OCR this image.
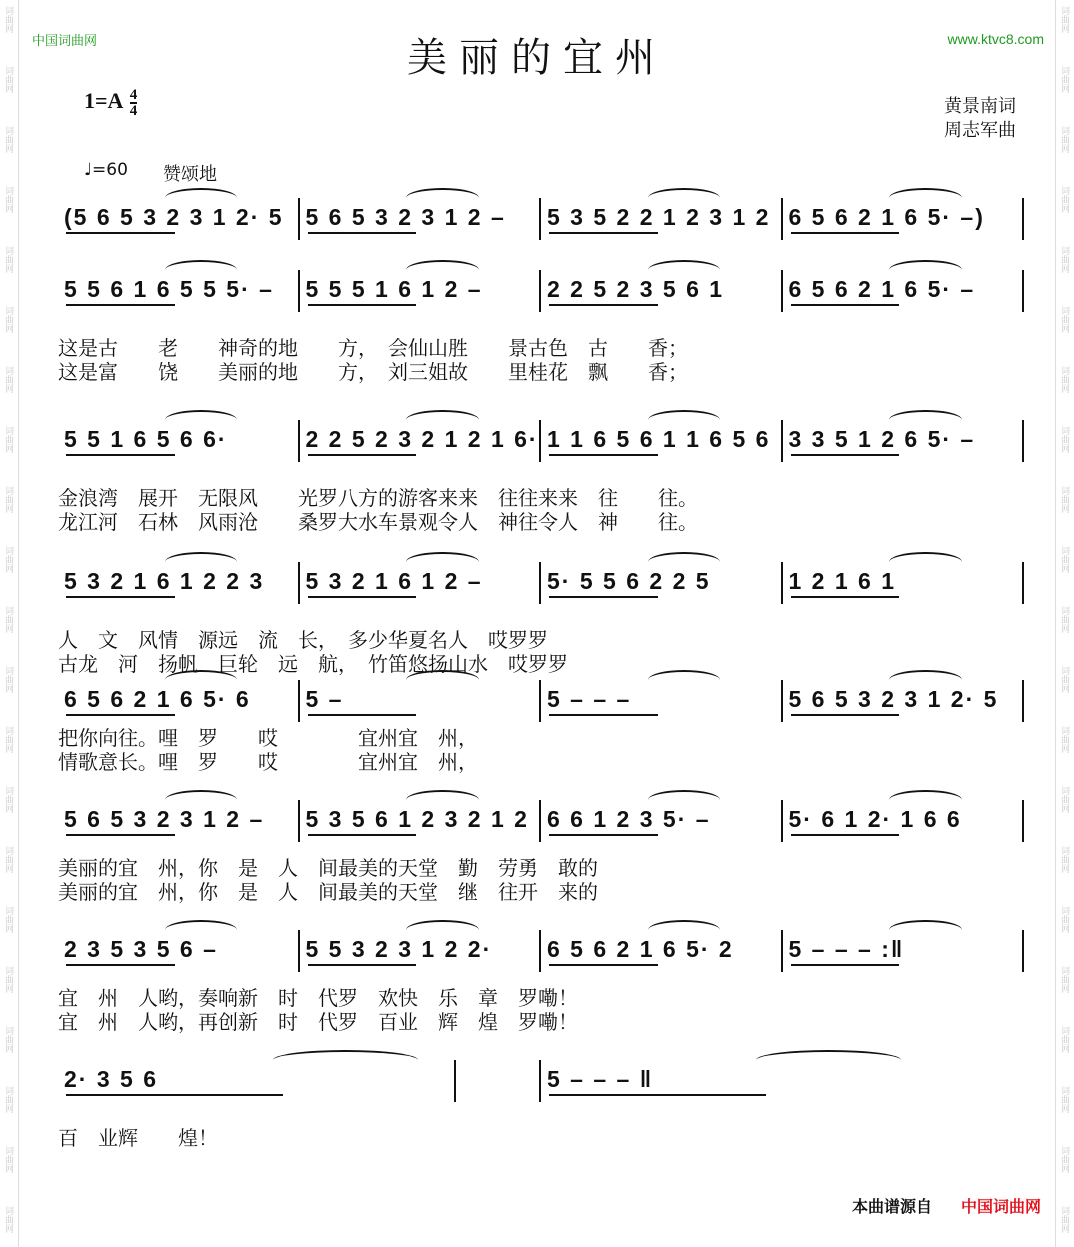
词曲网
词曲网
词曲网
词曲网
词曲网
词曲网
词曲网
词曲网
词曲网
词曲网
词曲网
词曲网
词曲网
词曲网
词曲网
词曲网
词曲网
词曲网
词曲网
词曲网
词曲网
词曲网
词曲网
词曲网
词曲网
词曲网
词曲网
词曲网
词曲网
词曲网
词曲网
词曲网
词曲网
词曲网
词曲网
词曲网
词曲网
词曲网
词曲网
词曲网
词曲网
词曲网
中国词曲网	www.ktvc8.com
美丽的宜州
$1=A \frac{4}{4}$	黄景南词
周志军曲
♩=60 赞颂地
(5 6 5 3 2 3 1 2· 5 5 6 5 3 2 3 1 2 – 5 3 5 2 2 1 2 3 1 2 6 5 6 2 1 6 5· –)
5 5 6 1 6 5 5 5· – 5 5 5 1 6 1 2 –	2 2 5 2 3 5 6 1	6 5 6 2 1 6 5· –
这是古　　老　　神奇的地　　方，　会仙山胜　　景古色　古　　香；
这是富　　饶　　美丽的地　　方，　刘三姐故　　里桂花　飘　　香；
5 5 1 6 5 6 6·	2 2 5 2 3 2 1 2 1 6· 1 1 6 5 6 1 1 6 5 6 3 3 5 1 2 6 5· –
金浪湾　展开　无限风　　光罗八方的游客来来　往往来来　往　　往。
龙江河　石林　风雨沧　　桑罗大水车景观令人　神往令人　神　　往。
5 3 2 1 6 1 2 2 3 5 3 2 1 6 1 2 –	5· 5 5 6 2 2 5	1 2 1 6 1
人　文　风情　源远　流　长，　多少华夏名人　哎罗罗
古龙　河　扬帆　巨轮　远　航，　竹笛悠扬山水　哎罗罗
6 5 6 2 1 6 5· 6 5 –	5 – – –	5 6 5 3 2 3 1 2· 5
把你向往。哩　罗　　哎　　　　宜州宜　州，
情歌意长。哩　罗　　哎　　　　宜州宜　州，
5 6 5 3 2 3 1 2 – 5 3 5 6 1 2 3 2 1 2 6 6 1 2 3 5· –	5· 6 1 2· 1 6 6
美丽的宜　州，你　是　人　间最美的天堂　勤　劳勇　敢的
美丽的宜　州，你　是　人　间最美的天堂　继　往开　来的
2 3 5 3 5 6 –	5 5 3 2 3 1 2 2· 6 5 6 2 1 6 5· 2 5 – – – :‖
宜　州　人哟，奏响新　时　代罗　欢快　乐　章　罗嘞！
宜　州　人哟，再创新　时　代罗　百业　辉　煌　罗嘞！
2· 3 5 6	5 – – – ‖
百　业辉　　煌！
本曲谱源自 中国词曲网
